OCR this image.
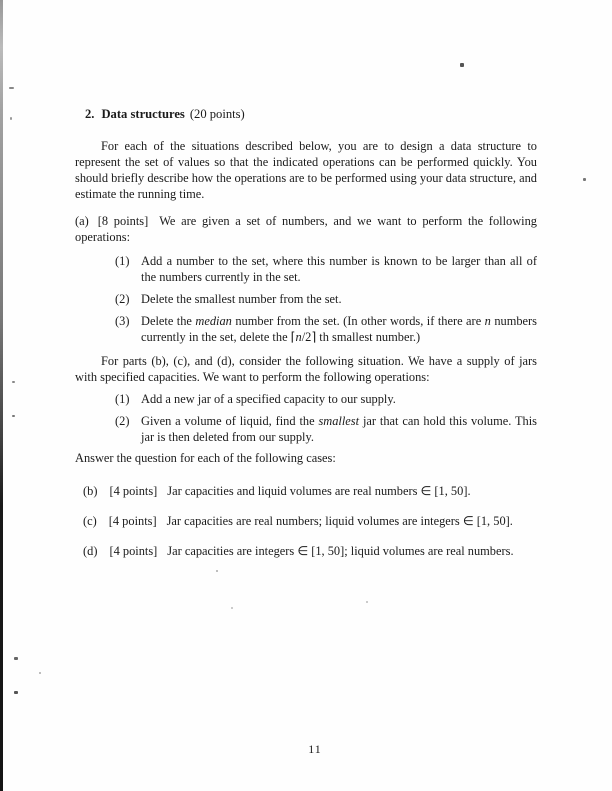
2. Data structures (20 points)

For each of the situations described below, you are to design a data structure to represent the set of values so that the indicated operations can be performed quickly. You should briefly describe how the operations are to be performed using your data structure, and estimate the running time.

(a) [8 points] We are given a set of numbers, and we want to perform the following operations:

(1) Add a number to the set, where this number is known to be larger than all of the numbers currently in the set.
(2) Delete the smallest number from the set.
(3) Delete the median number from the set. (In other words, if there are n numbers currently in the set, delete the ⌈n/2⌉ th smallest number.)

For parts (b), (c), and (d), consider the following situation. We have a supply of jars with specified capacities. We want to perform the following operations:

(1) Add a new jar of a specified capacity to our supply.
(2) Given a volume of liquid, find the smallest jar that can hold this volume. This jar is then deleted from our supply.

Answer the question for each of the following cases:

(b) [4 points] Jar capacities and liquid volumes are real numbers ∈ [1, 50].
(c) [4 points] Jar capacities are real numbers; liquid volumes are integers ∈ [1, 50].
(d) [4 points] Jar capacities are integers ∈ [1, 50]; liquid volumes are real numbers.
11
